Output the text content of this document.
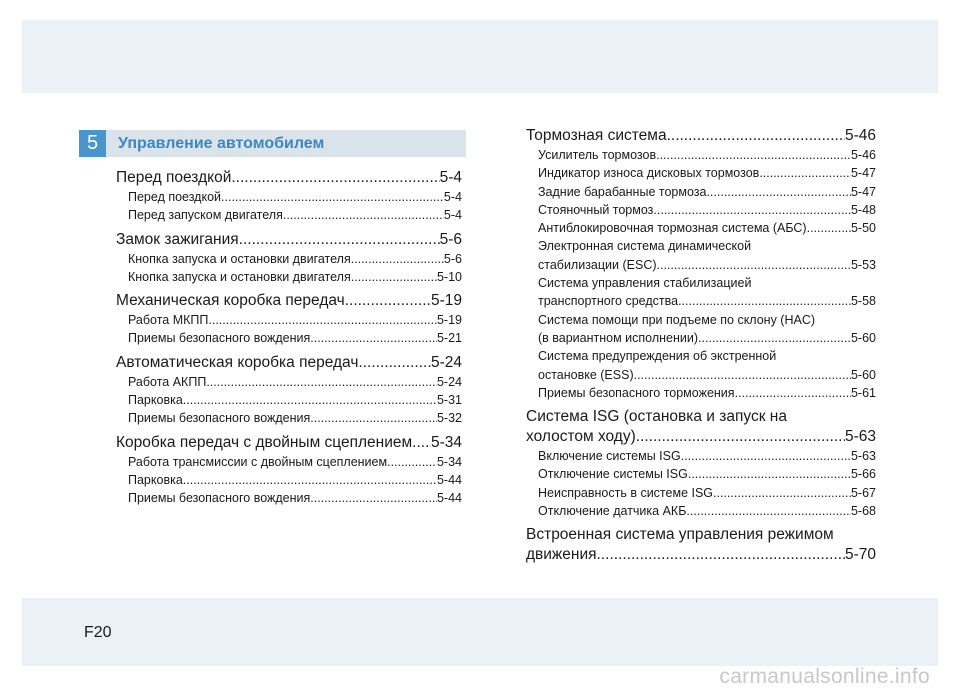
5	Управление автомобилем
Перед поездкой .....	5-4
Перед поездкой .....	5-4
Перед запуском двигателя .....	5-4
Замок зажигания .....	5-6
Кнопка запуска и остановки двигателя .....	5-6
Кнопка запуска и остановки двигателя .....	5-10
Механическая коробка передач .....	5-19
Работа МКПП .....	5-19
Приемы безопасного вождения .....	5-21
Автоматическая коробка передач .....	5-24
Работа АКПП .....	5-24
Парковка .....	5-31
Приемы безопасного вождения .....	5-32
Коробка передач с двойным сцеплением ..... 5-34
Работа трансмиссии с двойным сцеплением .....	5-34
Парковка .....	5-44
Приемы безопасного вождения .....	5-44
Тормозная система .....	5-46
Усилитель тормозов .....	5-46
Индикатор износа дисковых тормозов .....	5-47
Задние барабанные тормоза .....	5-47
Стояночный тормоз .....	5-48
Антиблокировочная тормозная система (АБС) .....	5-50
Электронная система динамической
стабилизации (ESC) .....	5-53
Система управления стабилизацией
транспортного средства .....	5-58
Система помощи при подъеме по склону (HAC)
(в вариантном исполнении) .....	5-60
Система предупреждения об экстренной
остановке (ESS) .....	5-60
Приемы безопасного торможения .....	5-61
Система ISG (остановка и запуск на
холостом ходу) .....	5-63
Включение системы ISG .....	5-63
Отключение системы ISG .....	5-66
Неисправность в системе ISG .....	5-67
Отключение датчика АКБ .....	5-68
Встроенная система управления режимом
движения .....	5-70
F20
carmanualsonline.info
